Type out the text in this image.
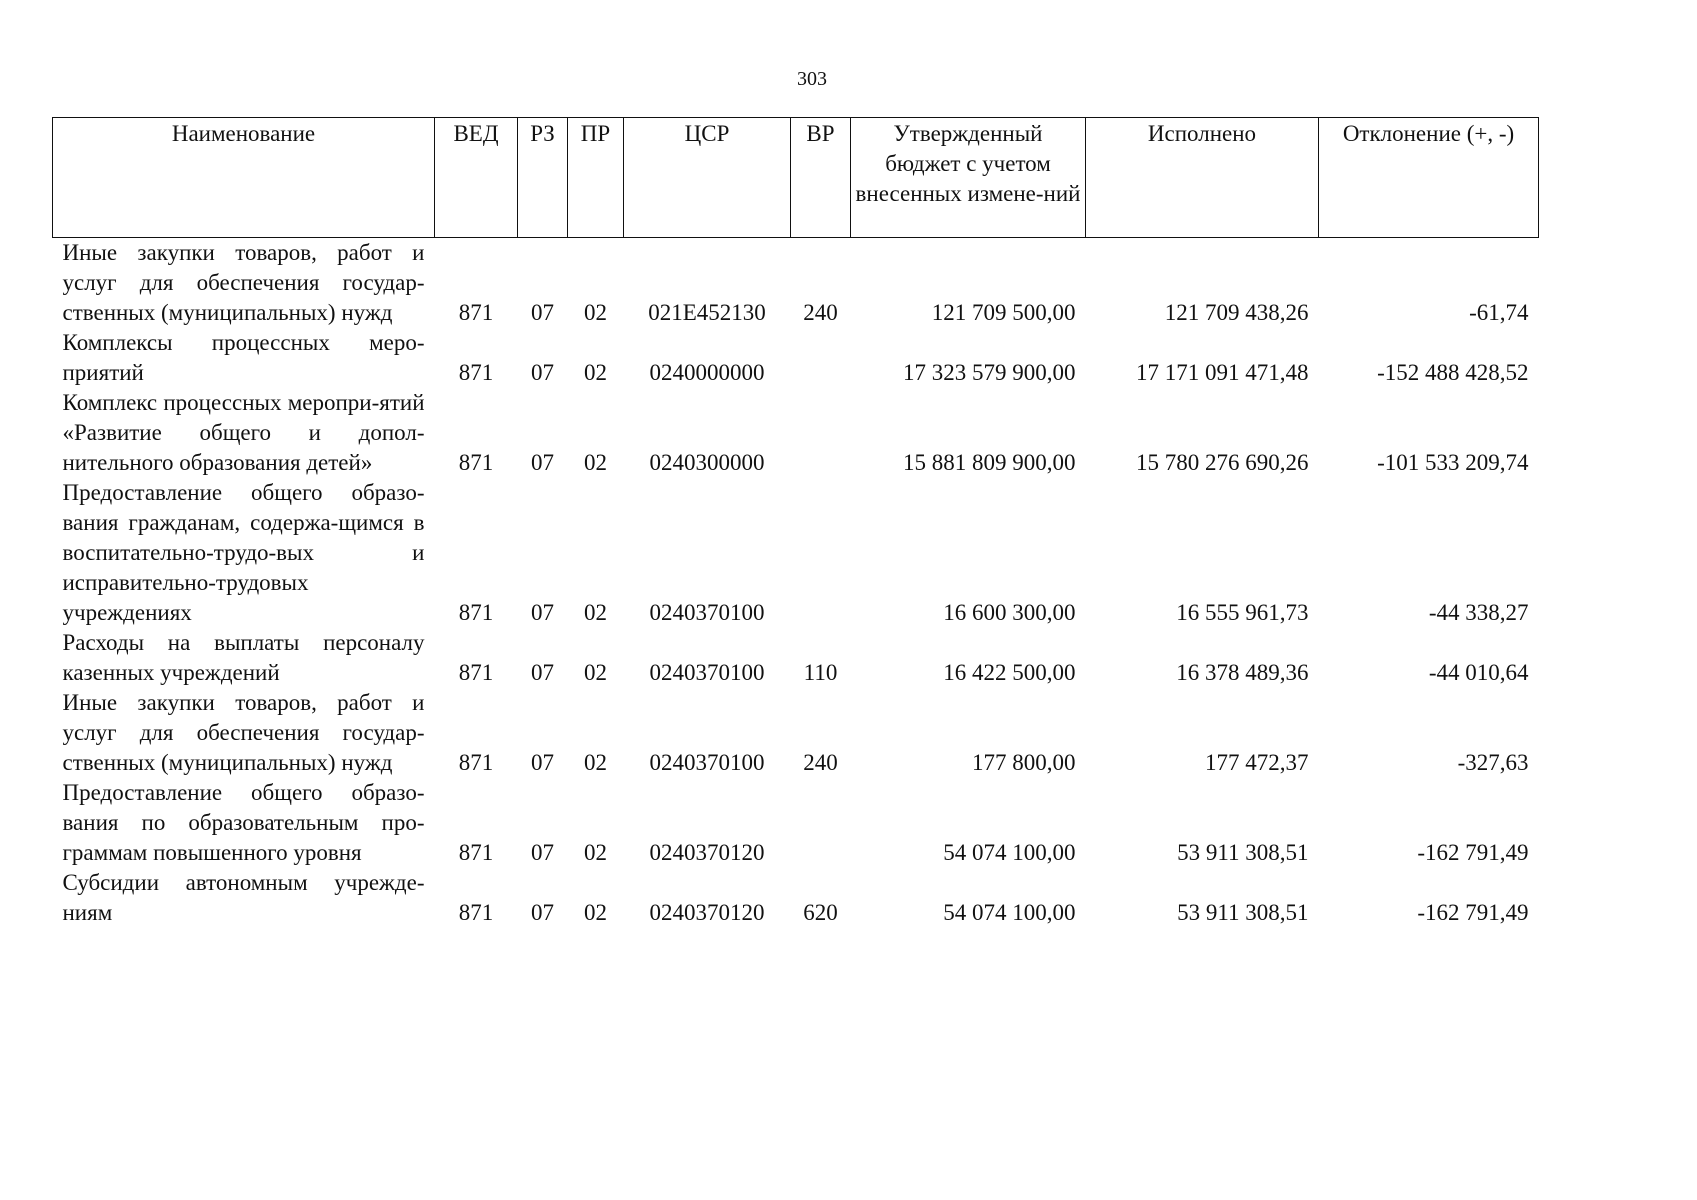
303
Наименование	ВЕД	РЗ	ПР	ЦСР	ВР	Утвержденный бюджет с учетом внесенных измене-ний	Исполнено	Отклонение (+, -)
Иные закупки товаров, работ и услуг для обеспечения государ-ственных (муниципальных) нужд	871	07	02	021Е452130	240	121 709 500,00	121 709 438,26	-61,74
Комплексы процессных меро-приятий	871	07	02	0240000000		17 323 579 900,00	17 171 091 471,48	-152 488 428,52
Комплекс процессных меропри-ятий «Развитие общего и допол-нительного образования детей»	871	07	02	0240300000		15 881 809 900,00	15 780 276 690,26	-101 533 209,74
Предоставление общего образо-вания гражданам, содержа-щимся в воспитательно-трудо-вых и исправительно-трудовых учреждениях	871	07	02	0240370100		16 600 300,00	16 555 961,73	-44 338,27
Расходы на выплаты персоналу казенных учреждений	871	07	02	0240370100	110	16 422 500,00	16 378 489,36	-44 010,64
Иные закупки товаров, работ и услуг для обеспечения государ-ственных (муниципальных) нужд	871	07	02	0240370100	240	177 800,00	177 472,37	-327,63
Предоставление общего образо-вания по образовательным про-граммам повышенного уровня	871	07	02	0240370120		54 074 100,00	53 911 308,51	-162 791,49
Субсидии автономным учрежде-ниям	871	07	02	0240370120	620	54 074 100,00	53 911 308,51	-162 791,49
